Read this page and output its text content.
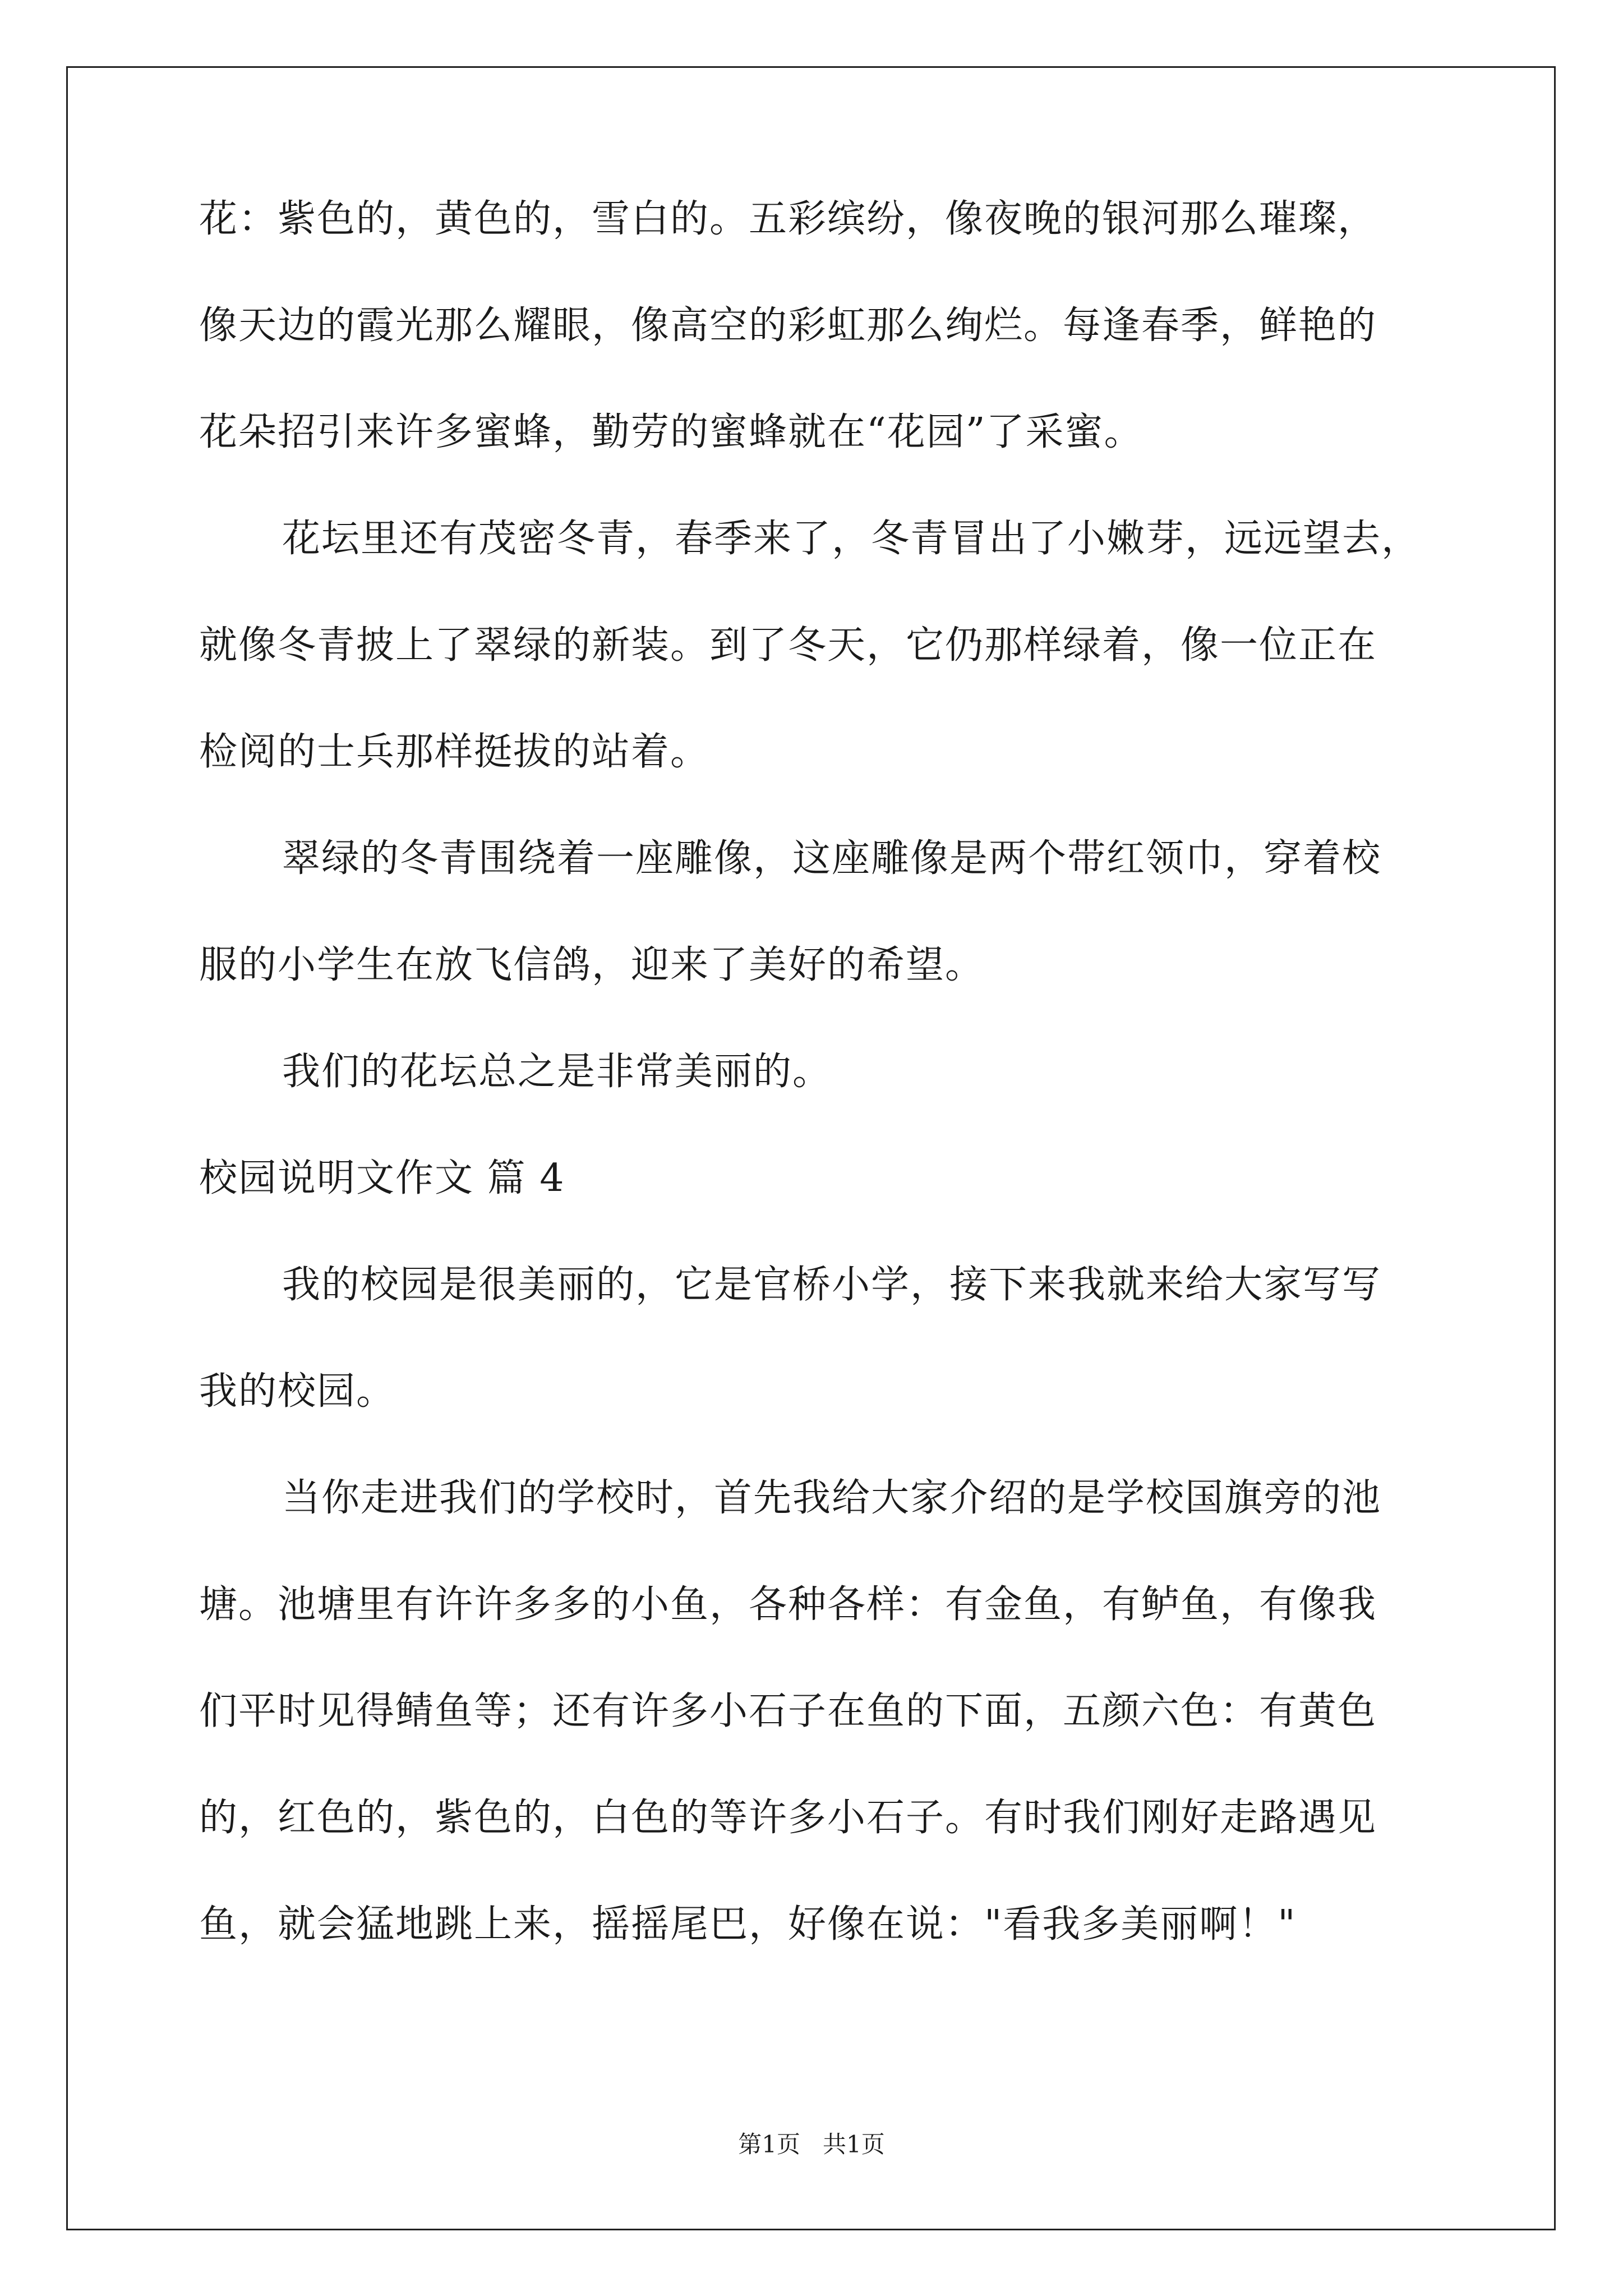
花：紫色的，黄色的，雪白的。五彩缤纷，像夜晚的银河那么璀璨，
像天边的霞光那么耀眼，像高空的彩虹那么绚烂。每逢春季，鲜艳的
花朵招引来许多蜜蜂，勤劳的蜜蜂就在“花园”了采蜜。
花坛里还有茂密冬青，春季来了，冬青冒出了小嫩芽，远远望去，
就像冬青披上了翠绿的新装。到了冬天，它仍那样绿着，像一位正在
检阅的士兵那样挺拔的站着。
翠绿的冬青围绕着一座雕像，这座雕像是两个带红领巾，穿着校
服的小学生在放飞信鸽，迎来了美好的希望。
我们的花坛总之是非常美丽的。
校园说明文作文 篇 4
我的校园是很美丽的，它是官桥小学，接下来我就来给大家写写
我的校园。
当你走进我们的学校时，首先我给大家介绍的是学校国旗旁的池
塘。池塘里有许许多多的小鱼，各种各样：有金鱼，有鲈鱼，有像我
们平时见得鲭鱼等；还有许多小石子在鱼的下面，五颜六色：有黄色
的，红色的，紫色的，白色的等许多小石子。有时我们刚好走路遇见
鱼，就会猛地跳上来，摇摇尾巴，好像在说："看我多美丽啊！"
第1页   共1页
